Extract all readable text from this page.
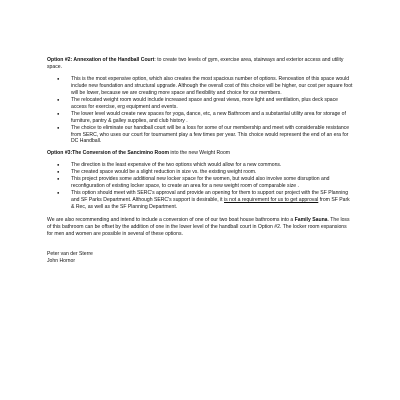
Option #2: Annexation of the Handball Court: to create two levels of gym, exercise area, stairways and exterior access and utility space.

● This is the most expensive option, which also creates the most spacious number of options. Renovation of this space would include new foundation and structural upgrade. Although the overall cost of this choice will be higher, our cost per square foot will be lower, because we are creating more space and flexibility and choice for our members.
● The relocated weight room would include increased space and great views, more light and ventilation, plus deck space access for exercise, erg equipment and events.
● The lower level would create new spaces for yoga, dance, etc, a new Bathroom and a substantial utility area for storage of furniture, pantry & galley supplies, and club history .
● The choice to eliminate our handball court will be a loss for some of our membership and meet with considerable resistance from SERC, who uses our court for tournament play a few times per year. This choice would represent the end of an era for DC Handball.

Option #3:The Conversion of the Sancimino Room into the new Weight Room

● The direction is the least expensive of the two options which would allow for a new commons.
● The created space would be a slight reduction in size vs. the existing weight room.
● This project provides some additional new locker space for the women, but would also involve some disruption and reconfiguration of existing locker space, to create an area for a new weight room of comparable size .
● This option should meet with SERC's approval and provide an opening for them to support our project with the SF Planning and SF Parks Department. Although SERC's support is desirable, it is not a requirement for us to get approval from SF Park & Rec, as well as the SF Planning Department.

We are also recommending and intend to include a conversion of one of our two boat house bathrooms into a Family Sauna. The loss of this bathroom can be offset by the addition of one in the lower level of the handball court in Option #2. The locker room expansions for men and women are possible in several of these options.

Peter van der Sterre

John Hornor
